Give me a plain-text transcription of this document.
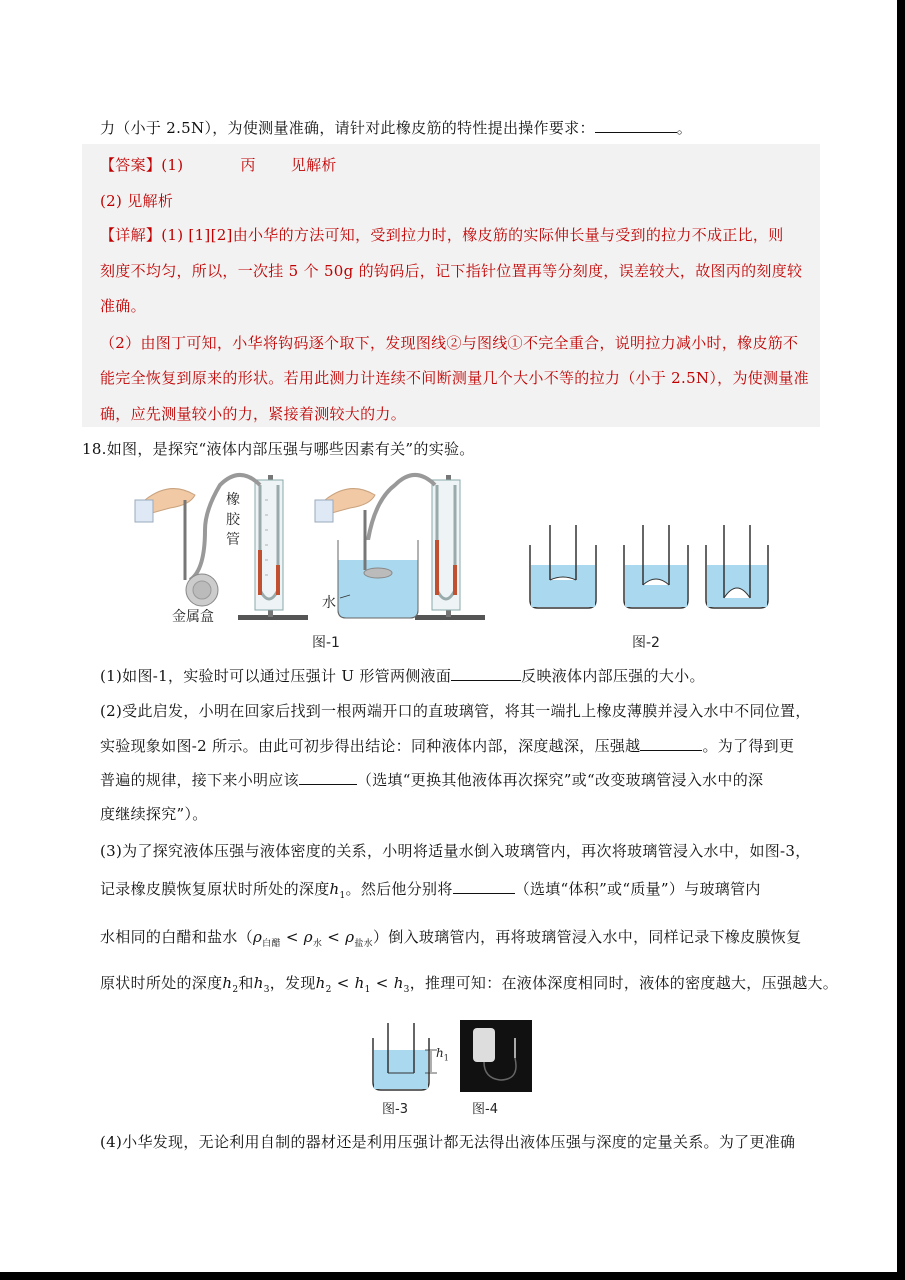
力（小于 2.5N），为使测量准确，请针对此橡皮筋的特性提出操作要求：	。
【答案】(1)	丙 见解析
(2) 见解析
【详解】(1) [1][2]由小华的方法可知，受到拉力时，橡皮筋的实际伸长量与受到的拉力不成正比，则
刻度不均匀，所以，一次挂 5 个 50g 的钩码后，记下指针位置再等分刻度，误差较大，故图丙的刻度较
准确。
（2）由图丁可知，小华将钩码逐个取下，发现图线②与图线①不完全重合，说明拉力减小时，橡皮筋不
能完全恢复到原来的形状。若用此测力计连续不间断测量几个大小不等的拉力（小于 2.5N），为使测量准
确，应先测量较小的力，紧接着测较大的力。
18.如图，是探究“液体内部压强与哪些因素有关”的实验。
橡
胶
管
金属盒
水
图-1	图-2
(1)如图-1，实验时可以通过压强计 U 形管两侧液面	反映液体内部压强的大小。
(2)受此启发，小明在回家后找到一根两端开口的直玻璃管，将其一端扎上橡皮薄膜并浸入水中不同位置，
实验现象如图-2 所示。由此可初步得出结论：同种液体内部，深度越深，压强越	。为了得到更
普遍的规律，接下来小明应该	（选填“更换其他液体再次探究”或“改变玻璃管浸入水中的深
度继续探究”）。
(3)为了探究液体压强与液体密度的关系，小明将适量水倒入玻璃管内，再次将玻璃管浸入水中，如图-3，
记录橡皮膜恢复原状时所处的深度$h_1$。然后他分别将	（选填“体积”或“质量”）与玻璃管内
水相同的白醋和盐水$(\rho_{白醋} < \rho_水 < \rho_{盐水})$倒入玻璃管内，再将玻璃管浸入水中，同样记录下橡皮膜恢复
原状时所处的深度$h_2$和$h_3$，发现$h_2 < h_1 < h_3$，推理可知：在液体深度相同时，液体的密度越大，压强越大。
$h_1$
图-3	图-4
(4)小华发现，无论利用自制的器材还是利用压强计都无法得出液体压强与深度的定量关系。为了更准确
